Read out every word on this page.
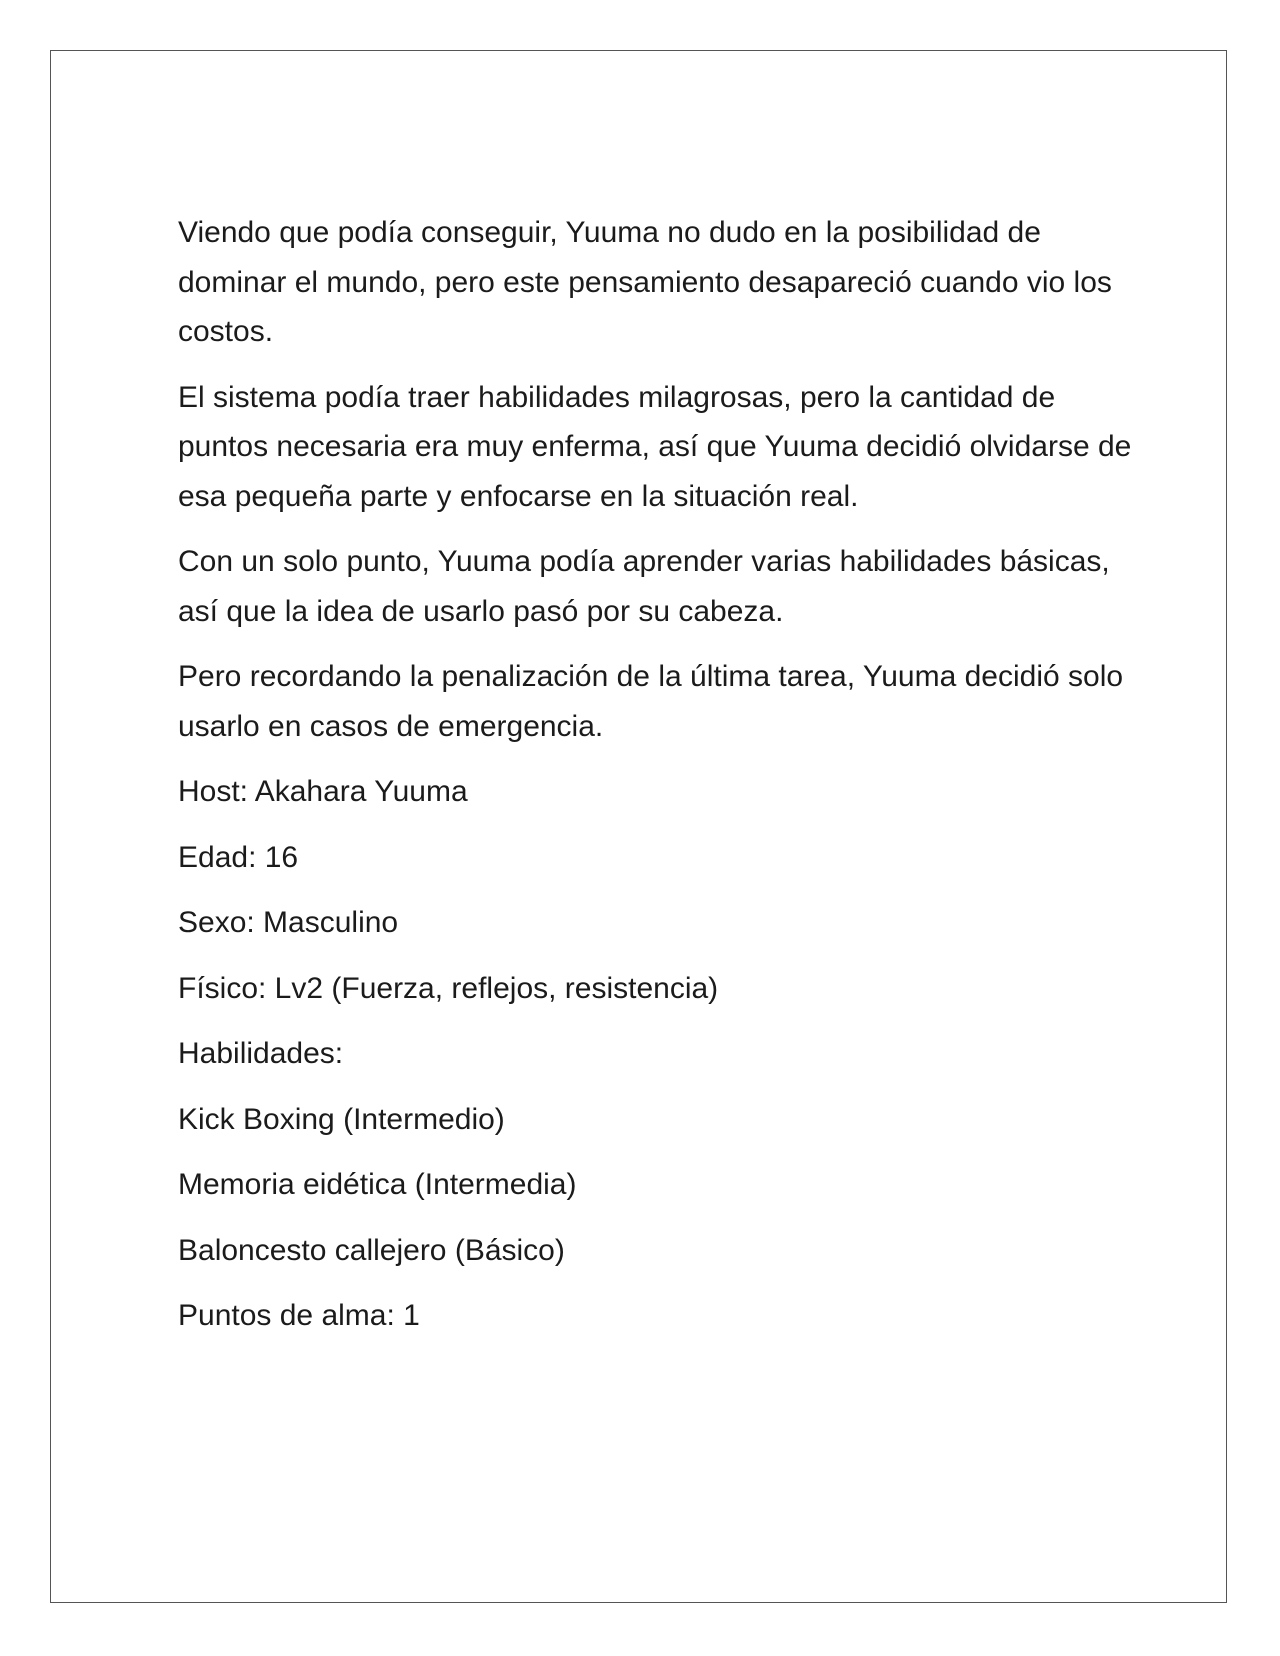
Viendo que podía conseguir, Yuuma no dudo en la posibilidad de dominar el mundo, pero este pensamiento desapareció cuando vio los costos.

El sistema podía traer habilidades milagrosas, pero la cantidad de puntos necesaria era muy enferma, así que Yuuma decidió olvidarse de esa pequeña parte y enfocarse en la situación real.

Con un solo punto, Yuuma podía aprender varias habilidades básicas, así que la idea de usarlo pasó por su cabeza.

Pero recordando la penalización de la última tarea, Yuuma decidió solo usarlo en casos de emergencia.

Host: Akahara Yuuma

Edad: 16

Sexo: Masculino

Físico: Lv2 (Fuerza, reflejos, resistencia)

Habilidades:

Kick Boxing (Intermedio)

Memoria eidética (Intermedia)

Baloncesto callejero (Básico)

Puntos de alma: 1
